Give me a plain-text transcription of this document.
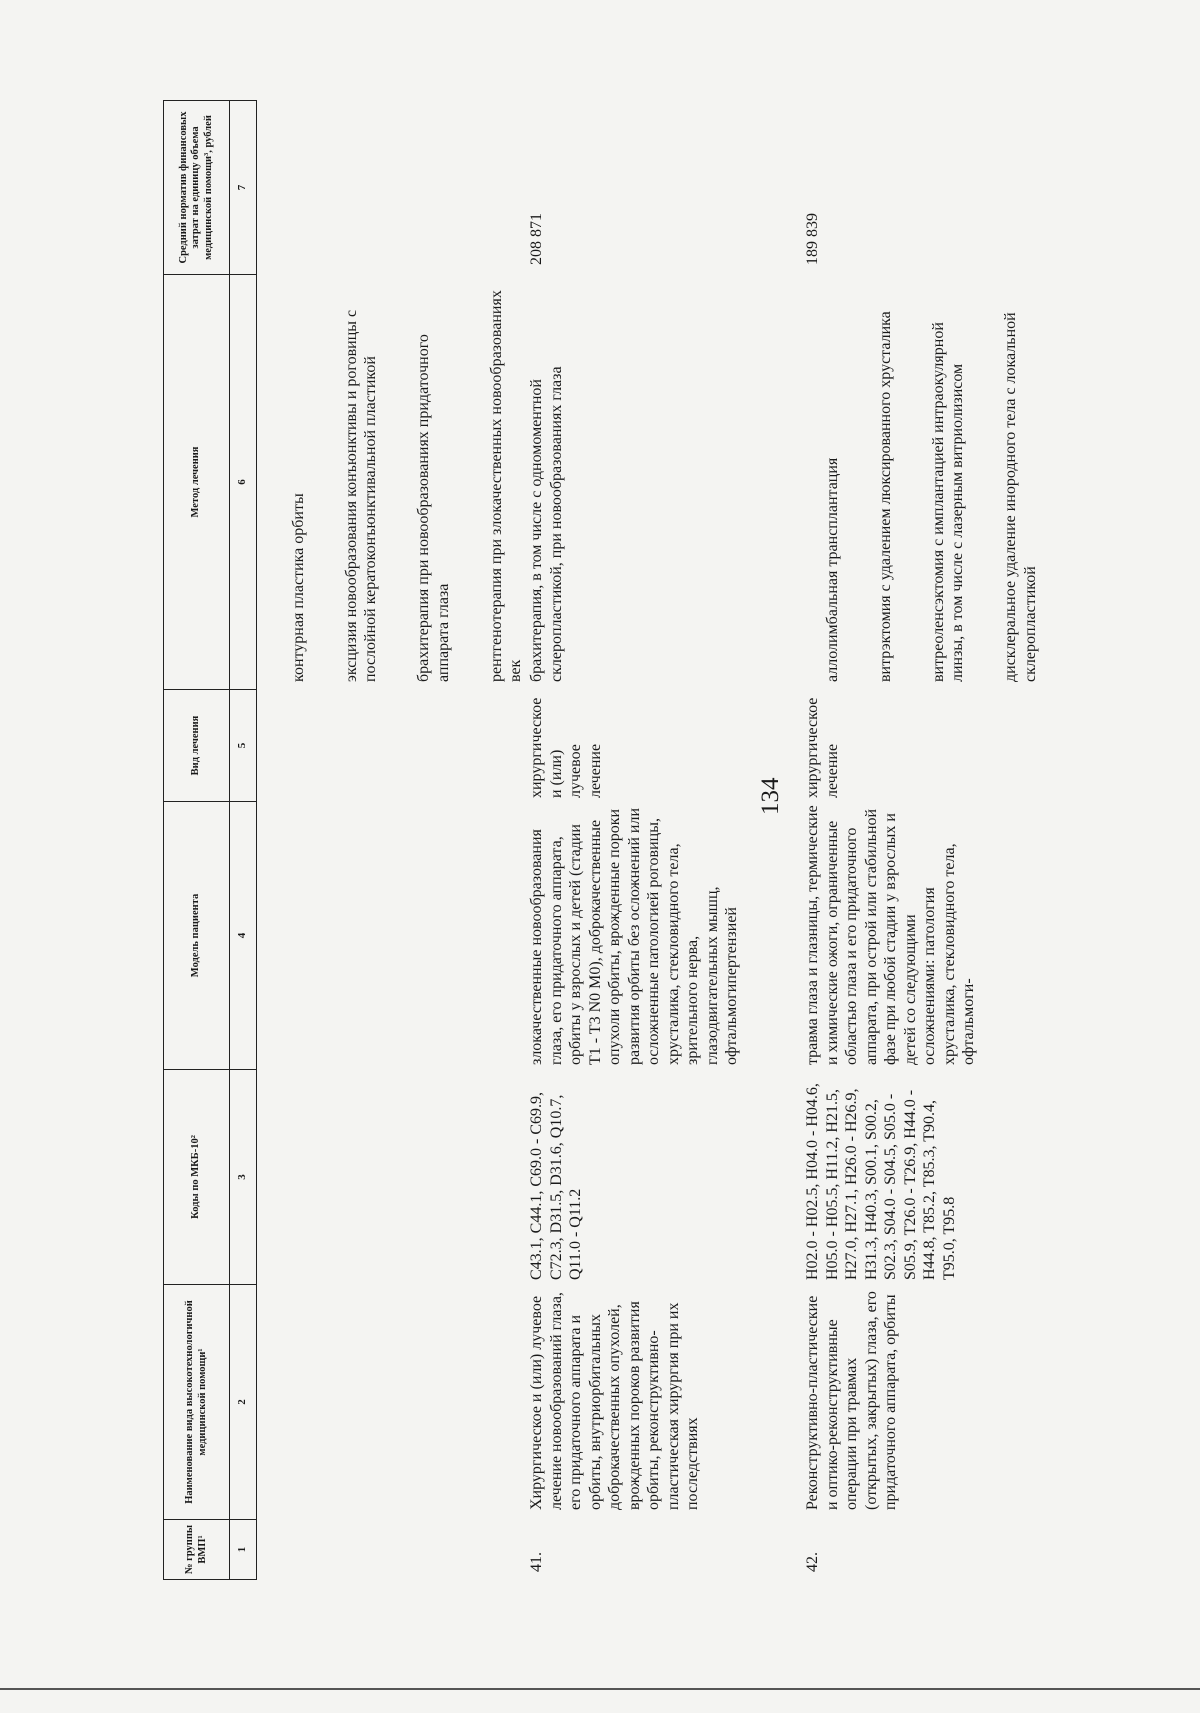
134
№ группы ВМП¹
Наименование вида высокотехнологичной медицинской помощи¹
Коды по МКБ-10²
Модель пациента
Вид лечения
Метод лечения
Средний норматив финансовых затрат на единицу объема медицинской помощи³, рублей
1
2
3
4
5
6
7

контурная пластика орбиты эксцизия новообразования конъюнктивы и роговицы с послойной кератоконъюнктивальной пластикой брахитерапия при новообразованиях придаточного аппарата глаза рентгенотерапия при злокачественных новообразованиях век

41.
Хирургическое и (или) лучевое лечение новообразований глаза, его придаточного аппарата и орбиты, внутриорбитальных доброкачественных опухолей, врожденных пороков развития орбиты, реконструктивно-пластическая хирургия при их последствиях
C43.1, C44.1, C69.0 - C69.9, C72.3, D31.5, D31.6, Q10.7, Q11.0 - Q11.2
злокачественные новообразования глаза, его придаточного аппарата, орбиты у взрослых и детей (стадии T1 - T3 N0 M0), доброкачественные опухоли орбиты, врожденные пороки развития орбиты без осложнений или осложненные патологией роговицы, хрусталика, стекловидного тела, зрительного нерва, глазодвигательных мышц, офтальмогипертензией
хирургическое и (или) лучевое лечение
брахитерапия, в том числе с одномоментной склеропластикой, при новообразованиях глаза
208 871
42.
Реконструктивно-пластические и оптико-реконструктивные операции при травмах (открытых, закрытых) глаза, его придаточного аппарата, орбиты
H02.0 - H02.5, H04.0 - H04.6, H05.0 - H05.5, H11.2, H21.5, H27.0, H27.1, H26.0 - H26.9, H31.3, H40.3, S00.1, S00.2, S02.3, S04.0 - S04.5, S05.0 - S05.9, T26.0 - T26.9, H44.0 - H44.8, T85.2, T85.3, T90.4, T95.0, T95.8
травма глаза и глазницы, термические и химические ожоги, ограниченные областью глаза и его придаточного аппарата, при острой или стабильной фазе при любой стадии у взрослых и детей со следующими осложнениями: патология хрусталика, стекловидного тела, офтальмоги-
хирургическое лечение

аллолимбальная трансплантация витрэктомия с удалением люксированного хрусталика витреоленсэктомия с имплантацией интраокулярной линзы, в том числе с лазерным витриолизисом дисклеральное удаление инородного тела с локальной склеропластикой

189 839
